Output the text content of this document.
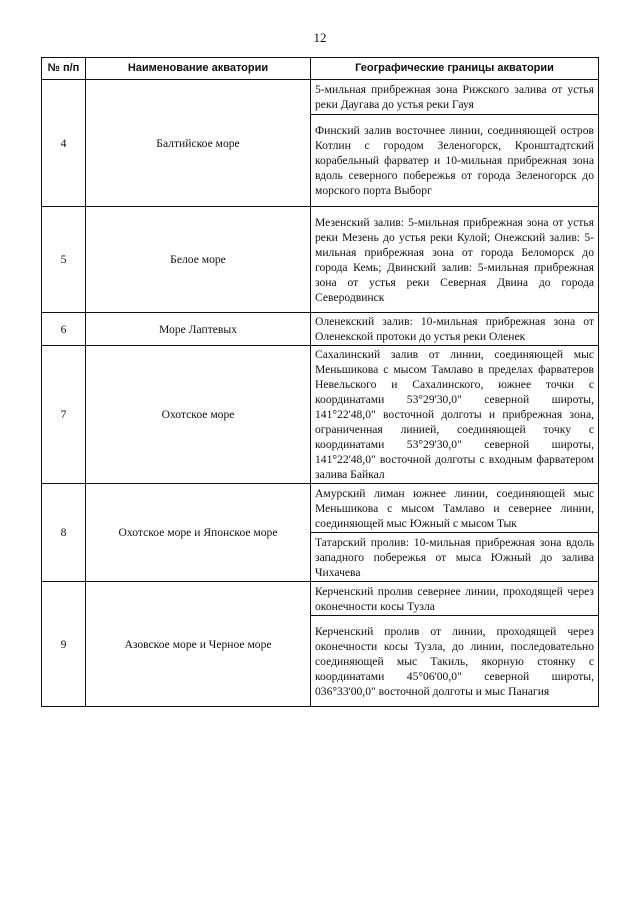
12
№ п/п	Наименование акватории	Географические границы акватории
4	Балтийское море	5-мильная прибрежная зона Рижского залива от устья реки Даугава до устья реки Гауя
		Финский залив восточнее линии, соединяющей остров Котлин с городом Зеленогорск, Кронштадтский корабельный фарватер и 10-мильная прибрежная зона вдоль северного побережья от города Зеленогорск до морского порта Выборг
5	Белое море	Мезенский залив: 5-мильная прибрежная зона от устья реки Мезень до устья реки Кулой; Онежский залив: 5-мильная прибрежная зона от города Беломорск до города Кемь; Двинский залив: 5-мильная прибрежная зона от устья реки Северная Двина до города Северодвинск
6	Море Лаптевых	Оленекский залив: 10-мильная прибрежная зона от Оленекской протоки до устья реки Оленек
7	Охотское море	Сахалинский залив от линии, соединяющей мыс Меньшикова с мысом Тамлаво в пределах фарватеров Невельского и Сахалинского, южнее точки с координатами 53°29'30,0" северной широты, 141°22'48,0" восточной долготы и прибрежная зона, ограниченная линией, соединяющей точку с координатами 53°29'30,0" северной широты, 141°22'48,0" восточной долготы с входным фарватером залива Байкал
8	Охотское море и Японское море	Амурский лиман южнее линии, соединяющей мыс Меньшикова с мысом Тамлаво и севернее линии, соединяющей мыс Южный с мысом Тык
		Татарский пролив: 10-мильная прибрежная зона вдоль западного побережья от мыса Южный до залива Чихачева
9	Азовское море и Черное море	Керченский пролив севернее линии, проходящей через оконечности косы Тузла
		Керченский пролив от линии, проходящей через оконечности косы Тузла, до линии, последовательно соединяющей мыс Такиль, якорную стоянку с координатами 45°06'00,0" северной широты, 036°33'00,0" восточной долготы и мыс Панагия
